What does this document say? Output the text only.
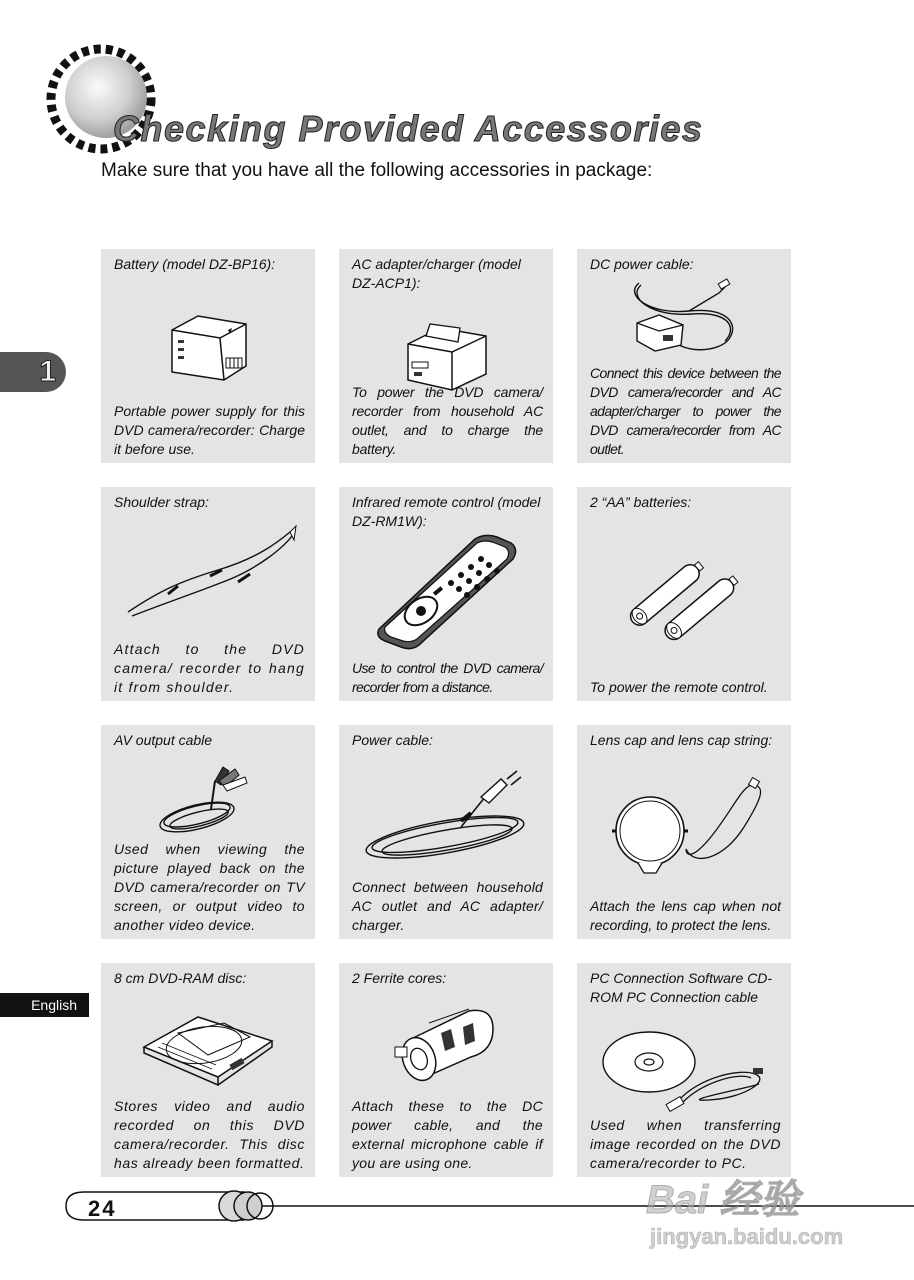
Checking Provided Accessories

Make sure that you have all the following accessories in package:

1
English

Battery (model DZ-BP16):

Portable power supply for this DVD camera/recorder: Charge it before use.

AC adapter/charger (model DZ-ACP1):

To power the DVD camera/ recorder from household AC outlet, and to charge the battery.

DC power cable:

Connect this device between the DVD camera/recorder and AC adapter/charger to power the DVD camera/recorder from AC outlet.

Shoulder strap:

Attach to the DVD camera/ recorder to hang it from shoulder.

Infrared remote control (model DZ-RM1W):

Use to control the DVD camera/ recorder from a distance.

2 “AA” batteries:

To power the remote control.

AV output cable

Used when viewing the picture played back on the DVD camera/recorder on TV screen, or output video to another video device.

Power cable:

Connect between household AC outlet and AC adapter/ charger.

Lens cap and lens cap string:

Attach the lens cap when not recording, to protect the lens.

8 cm DVD-RAM disc:

Stores video and audio recorded on this DVD camera/recorder. This disc has already been formatted.

2 Ferrite cores:

Attach these to the DC power cable, and the external microphone cable if you are using one.

PC Connection Software CD-ROM PC Connection cable

Used when transferring image recorded on the DVD camera/recorder to PC.

24	Bai 经验
jingyan.baidu.com
